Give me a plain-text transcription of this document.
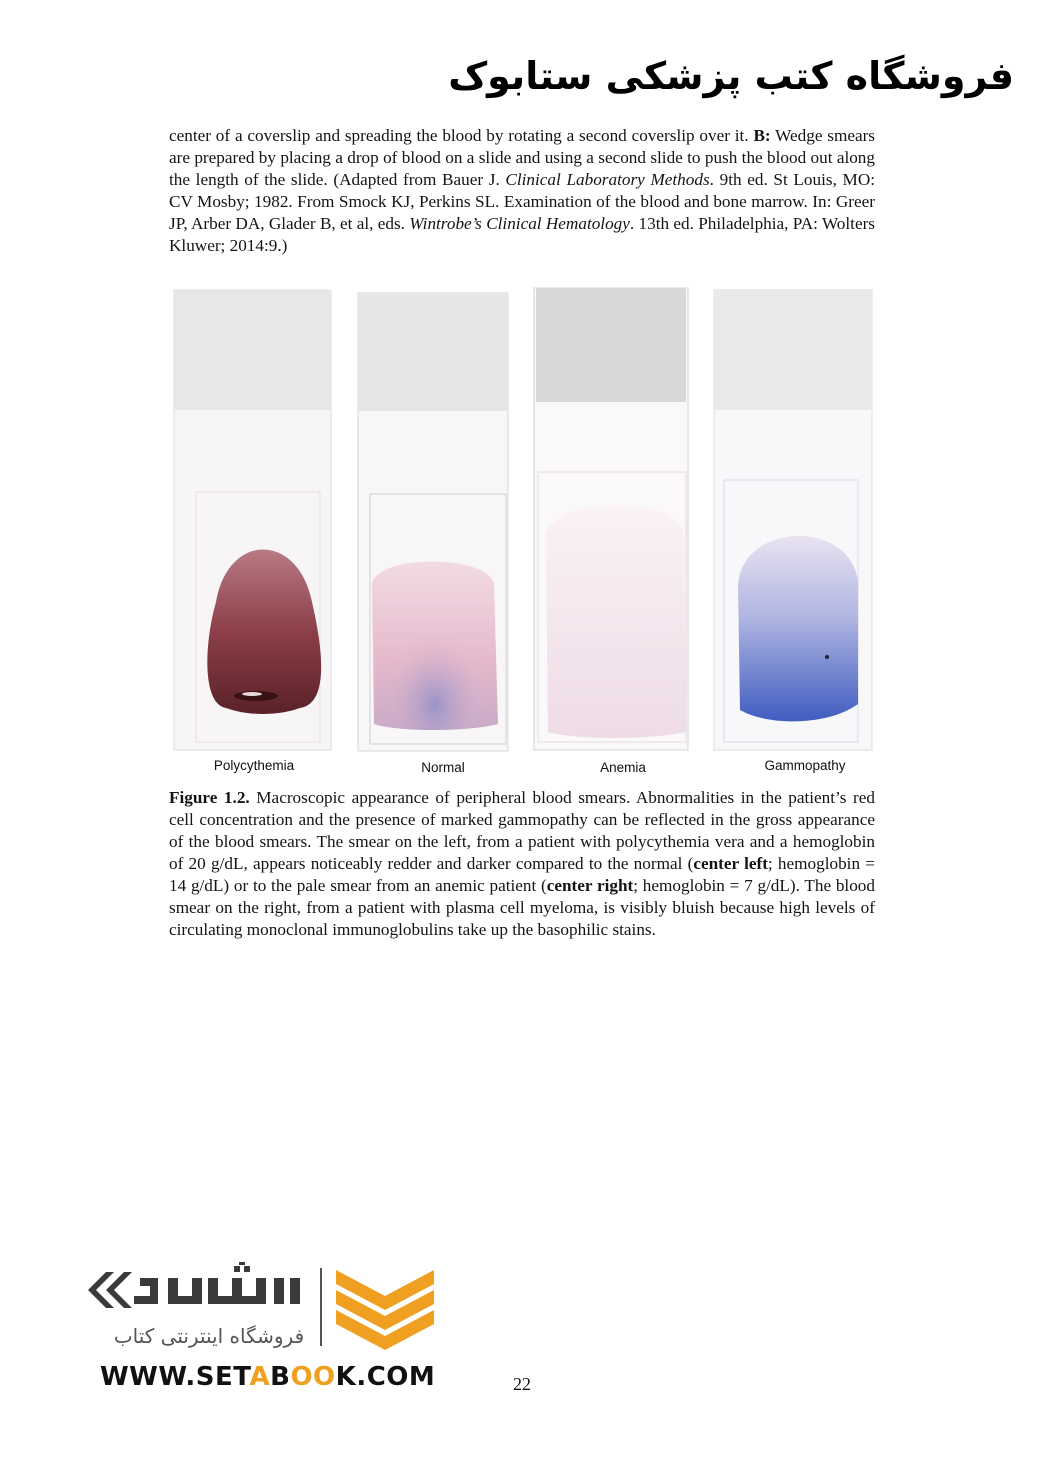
فروشگاه کتب پزشکی ستابوک

center of a coverslip and spreading the blood by rotating a second coverslip over it. B: Wedge smears are prepared by placing a drop of blood on a slide and using a second slide to push the blood out along the length of the slide. (Adapted from Bauer J. Clinical Laboratory Methods. 9th ed. St Louis, MO: CV Mosby; 1982. From Smock KJ, Perkins SL. Examination of the blood and bone marrow. In: Greer JP, Arber DA, Glader B, et al, eds. Wintrobe’s Clinical Hematology. 13th ed. Philadelphia, PA: Wolters Kluwer; 2014:9.)

Polycythemia	Normal	Anemia	Gammopathy

Figure 1.2. Macroscopic appearance of peripheral blood smears. Abnormalities in the patient’s red cell concentration and the presence of marked gammopathy can be reflected in the gross appearance of the blood smears. The smear on the left, from a patient with polycythemia vera and a hemoglobin of 20 g/dL, appears noticeably redder and darker compared to the normal (center left; hemoglobin = 14 g/dL) or to the pale smear from an anemic patient (center right; hemoglobin = 7 g/dL). The blood smear on the right, from a patient with plasma cell myeloma, is visibly bluish because high levels of circulating monoclonal immunoglobulins take up the basophilic stains.

فروشگاه اینترنتی کتاب

WWW.SETABOOK.COM	22
